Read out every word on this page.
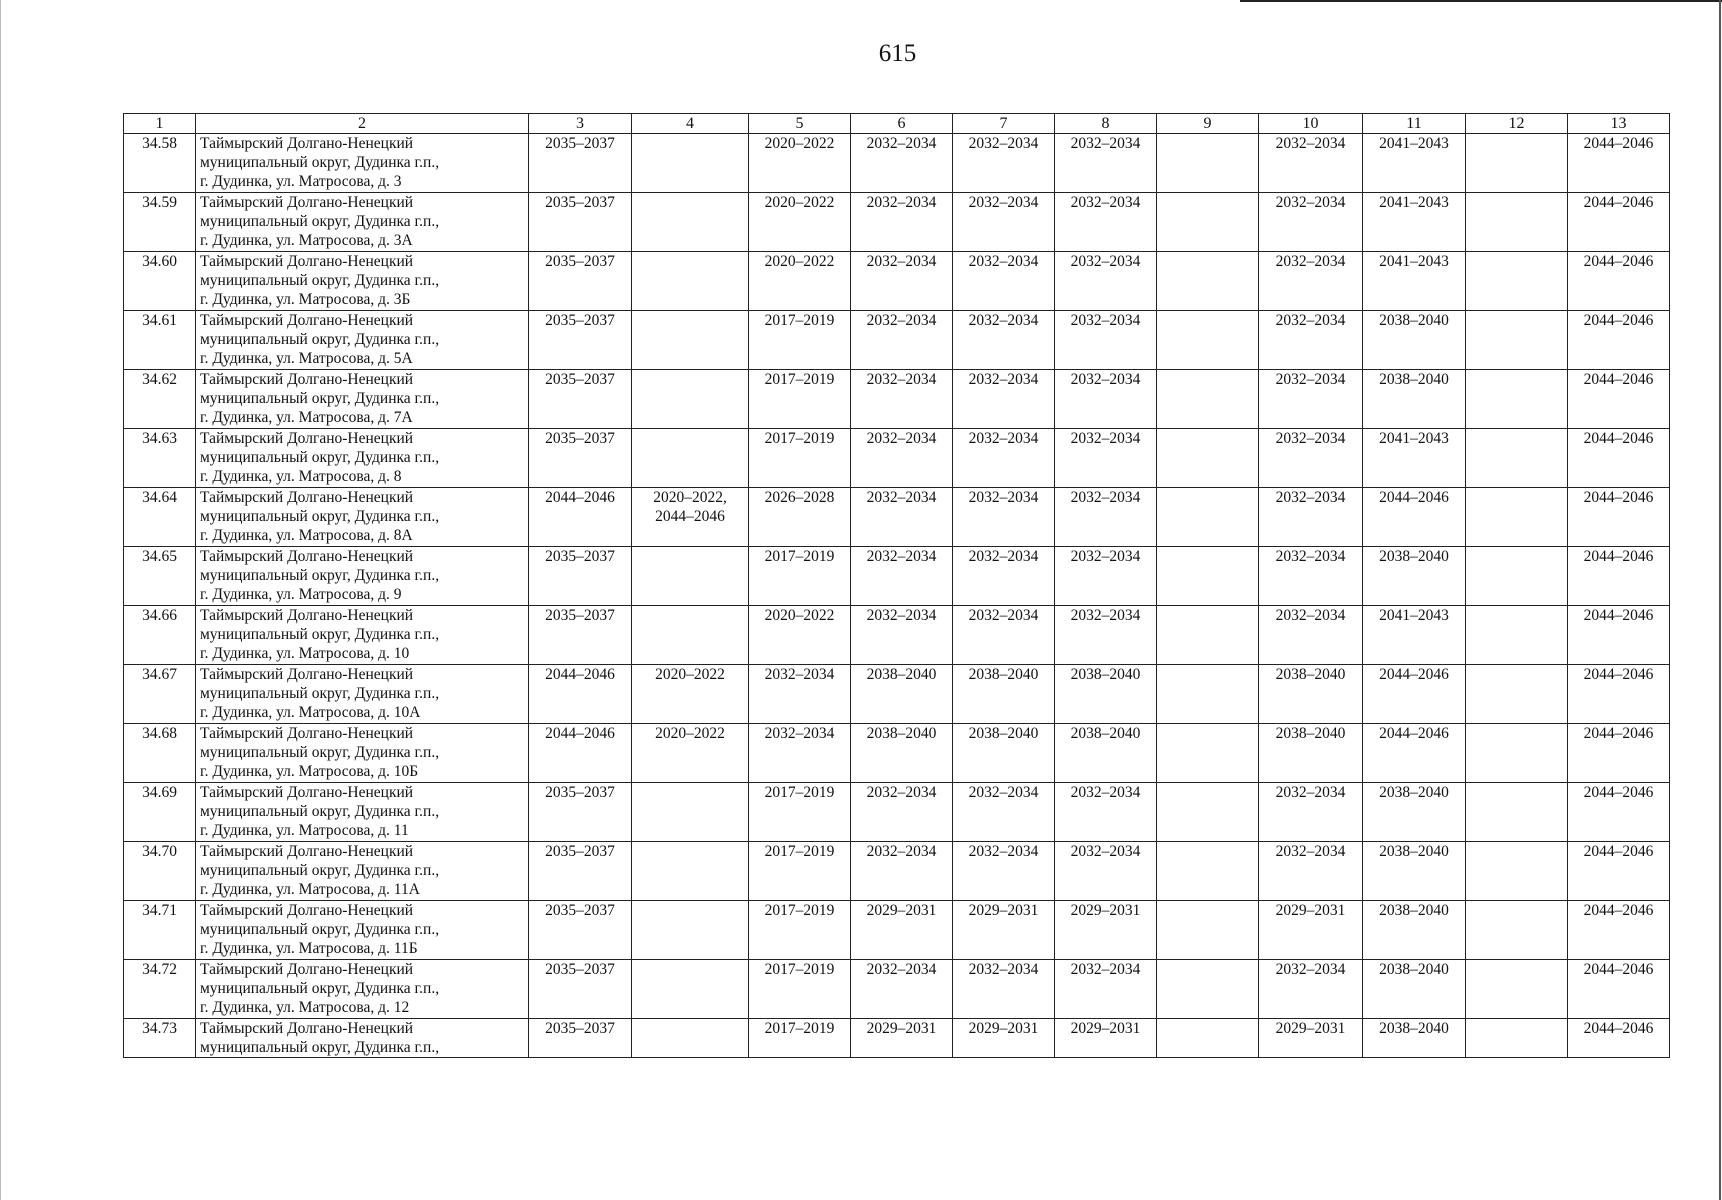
615
1	2	3	4	5	6	7	8	9	10	11	12	13
34.58	Таймырский Долгано-Ненецкий
муниципальный округ, Дудинка г.п.,
г. Дудинка, ул. Матросова, д. 3	2035–2037		2020–2022	2032–2034	2032–2034	2032–2034		2032–2034	2041–2043		2044–2046
34.59	Таймырский Долгано-Ненецкий
муниципальный округ, Дудинка г.п.,
г. Дудинка, ул. Матросова, д. 3А	2035–2037		2020–2022	2032–2034	2032–2034	2032–2034		2032–2034	2041–2043		2044–2046
34.60	Таймырский Долгано-Ненецкий
муниципальный округ, Дудинка г.п.,
г. Дудинка, ул. Матросова, д. 3Б	2035–2037		2020–2022	2032–2034	2032–2034	2032–2034		2032–2034	2041–2043		2044–2046
34.61	Таймырский Долгано-Ненецкий
муниципальный округ, Дудинка г.п.,
г. Дудинка, ул. Матросова, д. 5А	2035–2037		2017–2019	2032–2034	2032–2034	2032–2034		2032–2034	2038–2040		2044–2046
34.62	Таймырский Долгано-Ненецкий
муниципальный округ, Дудинка г.п.,
г. Дудинка, ул. Матросова, д. 7А	2035–2037		2017–2019	2032–2034	2032–2034	2032–2034		2032–2034	2038–2040		2044–2046
34.63	Таймырский Долгано-Ненецкий
муниципальный округ, Дудинка г.п.,
г. Дудинка, ул. Матросова, д. 8	2035–2037		2017–2019	2032–2034	2032–2034	2032–2034		2032–2034	2041–2043		2044–2046
34.64	Таймырский Долгано-Ненецкий
муниципальный округ, Дудинка г.п.,
г. Дудинка, ул. Матросова, д. 8А	2044–2046	2020–2022,
2044–2046	2026–2028	2032–2034	2032–2034	2032–2034		2032–2034	2044–2046		2044–2046
34.65	Таймырский Долгано-Ненецкий
муниципальный округ, Дудинка г.п.,
г. Дудинка, ул. Матросова, д. 9	2035–2037		2017–2019	2032–2034	2032–2034	2032–2034		2032–2034	2038–2040		2044–2046
34.66	Таймырский Долгано-Ненецкий
муниципальный округ, Дудинка г.п.,
г. Дудинка, ул. Матросова, д. 10	2035–2037		2020–2022	2032–2034	2032–2034	2032–2034		2032–2034	2041–2043		2044–2046
34.67	Таймырский Долгано-Ненецкий
муниципальный округ, Дудинка г.п.,
г. Дудинка, ул. Матросова, д. 10А	2044–2046	2020–2022	2032–2034	2038–2040	2038–2040	2038–2040		2038–2040	2044–2046		2044–2046
34.68	Таймырский Долгано-Ненецкий
муниципальный округ, Дудинка г.п.,
г. Дудинка, ул. Матросова, д. 10Б	2044–2046	2020–2022	2032–2034	2038–2040	2038–2040	2038–2040		2038–2040	2044–2046		2044–2046
34.69	Таймырский Долгано-Ненецкий
муниципальный округ, Дудинка г.п.,
г. Дудинка, ул. Матросова, д. 11	2035–2037		2017–2019	2032–2034	2032–2034	2032–2034		2032–2034	2038–2040		2044–2046
34.70	Таймырский Долгано-Ненецкий
муниципальный округ, Дудинка г.п.,
г. Дудинка, ул. Матросова, д. 11А	2035–2037		2017–2019	2032–2034	2032–2034	2032–2034		2032–2034	2038–2040		2044–2046
34.71	Таймырский Долгано-Ненецкий
муниципальный округ, Дудинка г.п.,
г. Дудинка, ул. Матросова, д. 11Б	2035–2037		2017–2019	2029–2031	2029–2031	2029–2031		2029–2031	2038–2040		2044–2046
34.72	Таймырский Долгано-Ненецкий
муниципальный округ, Дудинка г.п.,
г. Дудинка, ул. Матросова, д. 12	2035–2037		2017–2019	2032–2034	2032–2034	2032–2034		2032–2034	2038–2040		2044–2046
34.73	Таймырский Долгано-Ненецкий
муниципальный округ, Дудинка г.п.,	2035–2037		2017–2019	2029–2031	2029–2031	2029–2031		2029–2031	2038–2040		2044–2046
